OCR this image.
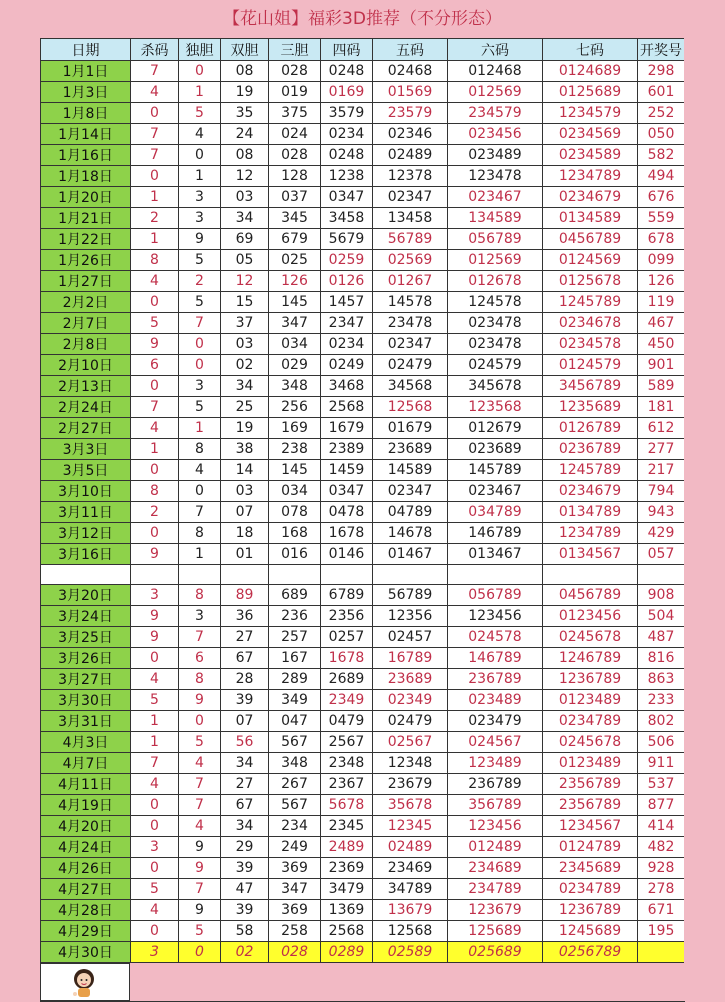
【花山姐】福彩3D推荐（不分形态）
日期	杀码	独胆	双胆	三胆	四码	五码	六码	七码	开奖号
1月1日	7	0	08	028	0248	02468	012468	0124689	298
1月3日	4	1	19	019	0169	01569	012569	0125689	601
1月8日	0	5	35	375	3579	23579	234579	1234579	252
1月14日	7	4	24	024	0234	02346	023456	0234569	050
1月16日	7	0	08	028	0248	02489	023489	0234589	582
1月18日	0	1	12	128	1238	12378	123478	1234789	494
1月20日	1	3	03	037	0347	02347	023467	0234679	676
1月21日	2	3	34	345	3458	13458	134589	0134589	559
1月22日	1	9	69	679	5679	56789	056789	0456789	678
1月26日	8	5	05	025	0259	02569	012569	0124569	099
1月27日	4	2	12	126	0126	01267	012678	0125678	126
2月2日	0	5	15	145	1457	14578	124578	1245789	119
2月7日	5	7	37	347	2347	23478	023478	0234678	467
2月8日	9	0	03	034	0234	02347	023478	0234578	450
2月10日	6	0	02	029	0249	02479	024579	0124579	901
2月13日	0	3	34	348	3468	34568	345678	3456789	589
2月24日	7	5	25	256	2568	12568	123568	1235689	181
2月27日	4	1	19	169	1679	01679	012679	0126789	612
3月3日	1	8	38	238	2389	23689	023689	0236789	277
3月5日	0	4	14	145	1459	14589	145789	1245789	217
3月10日	8	0	03	034	0347	02347	023467	0234679	794
3月11日	2	7	07	078	0478	04789	034789	0134789	943
3月12日	0	8	18	168	1678	14678	146789	1234789	429
3月16日	9	1	01	016	0146	01467	013467	0134567	057

3月20日	3	8	89	689	6789	56789	056789	0456789	908
3月24日	9	3	36	236	2356	12356	123456	0123456	504
3月25日	9	7	27	257	0257	02457	024578	0245678	487
3月26日	0	6	67	167	1678	16789	146789	1246789	816
3月27日	4	8	28	289	2689	23689	236789	1236789	863
3月30日	5	9	39	349	2349	02349	023489	0123489	233
3月31日	1	0	07	047	0479	02479	023479	0234789	802
4月3日	1	5	56	567	2567	02567	024567	0245678	506
4月7日	7	4	34	348	2348	12348	123489	0123489	911
4月11日	4	7	27	267	2367	23679	236789	2356789	537
4月19日	0	7	67	567	5678	35678	356789	2356789	877
4月20日	0	4	34	234	2345	12345	123456	1234567	414
4月24日	3	9	29	249	2489	02489	012489	0124789	482
4月26日	0	9	39	369	2369	23469	234689	2345689	928
4月27日	5	7	47	347	3479	34789	234789	0234789	278
4月28日	4	9	39	369	1369	13679	123679	1236789	671
4月29日	0	5	58	258	2568	12568	125689	1245689	195
4月30日	3	0	02	028	0289	02589	025689	0256789	
